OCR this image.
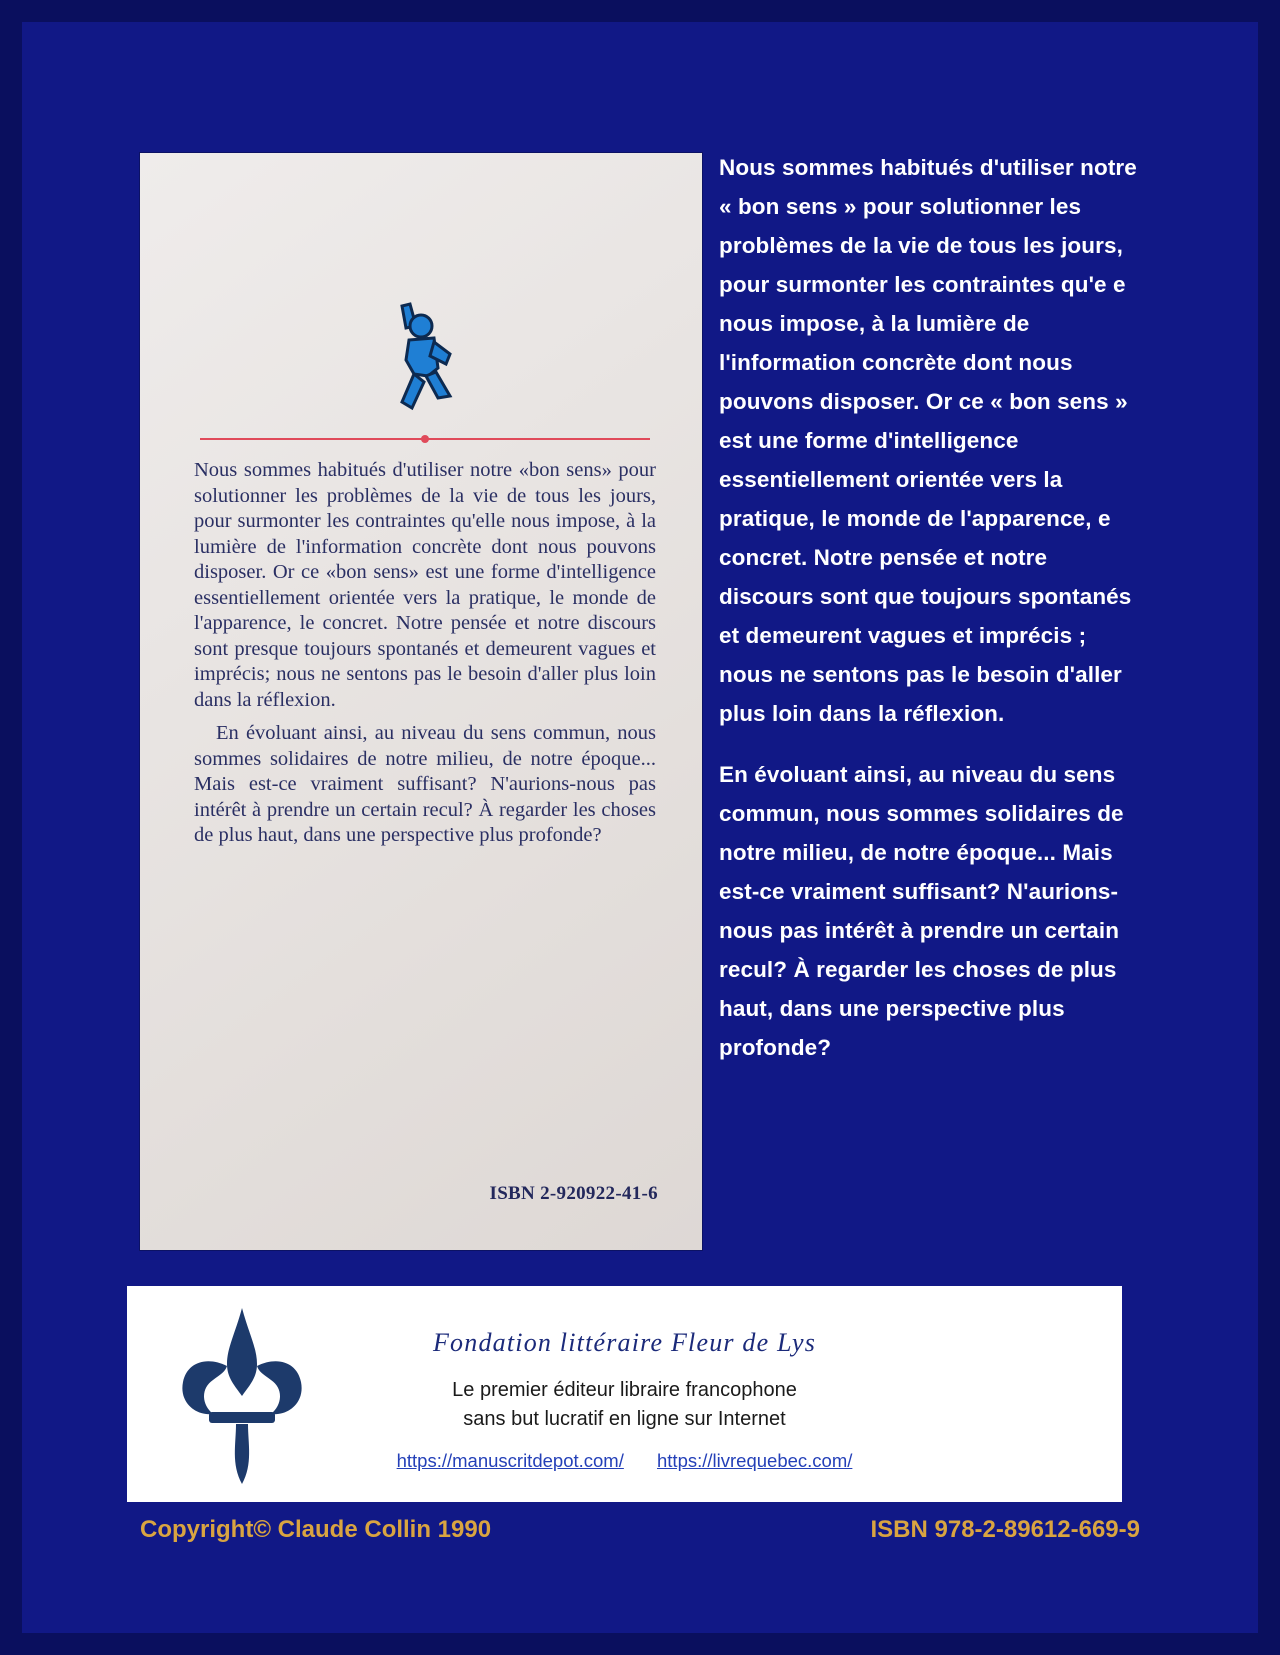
Nous sommes habitués d'utiliser notre «bon sens» pour solutionner les problèmes de la vie de tous les jours, pour surmonter les contraintes qu'elle nous impose, à la lumière de l'information concrète dont nous pouvons disposer. Or ce «bon sens» est une forme d'intelligence essentiellement orientée vers la pratique, le monde de l'apparence, le concret. Notre pensée et notre discours sont presque toujours spontanés et demeurent vagues et imprécis; nous ne sentons pas le besoin d'aller plus loin dans la réflexion.

En évoluant ainsi, au niveau du sens commun, nous sommes solidaires de notre milieu, de notre époque... Mais est-ce vraiment suffisant? N'aurions-nous pas intérêt à prendre un certain recul? À regarder les choses de plus haut, dans une perspective plus profonde?

ISBN 2-920922-41-6

Nous sommes habitués d'utiliser notre « bon sens » pour solutionner les problèmes de la vie de tous les jours, pour surmonter les contraintes qu'e e nous impose, à la lumière de l'information concrète dont nous pouvons disposer. Or ce « bon sens » est une forme d'intelligence essentiellement orientée vers la pratique, le monde de l'apparence, e concret. Notre pensée et notre discours sont que toujours spontanés et demeurent vagues et imprécis ; nous ne sentons pas le besoin d'aller plus loin dans la réflexion.

En évoluant ainsi, au niveau du sens commun, nous sommes solidaires de notre milieu, de notre époque... Mais est-ce vraiment suffisant? N'aurions-nous pas intérêt à prendre un certain recul? À regarder les choses de plus haut, dans une perspective plus profonde?

Fondation littéraire Fleur de Lys
Le premier éditeur libraire francophone
sans but lucratif en ligne sur Internet
https://manuscritdepot.com/ https://livrequebec.com/
Copyright© Claude Collin 1990	ISBN 978-2-89612-669-9
